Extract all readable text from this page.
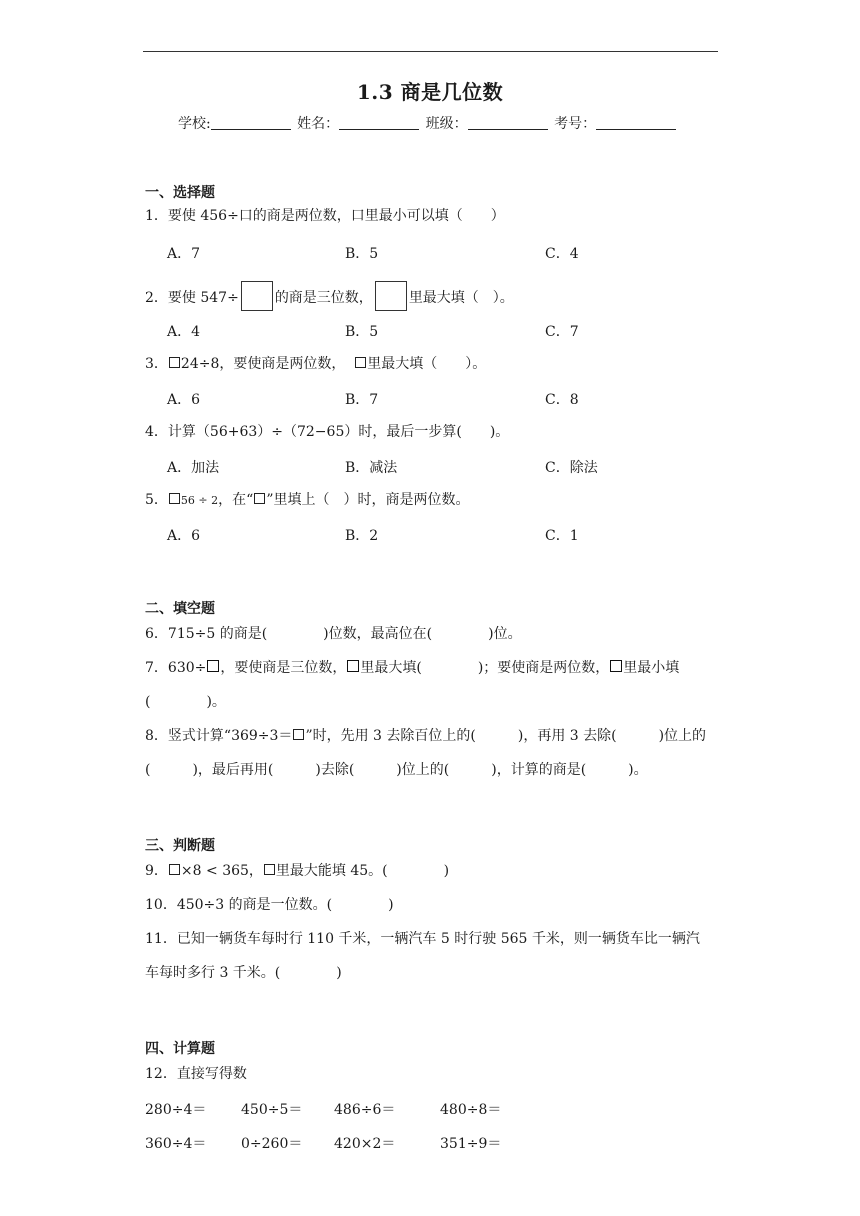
1.3 商是几位数
学校:	姓名：	班级：	考号：
一、选择题
1．要使 456÷口的商是两位数，口里最小可以填（　　）
A．7	B．5	C．4
2．要使 547÷	的商是三位数，	里最大填（　）。
A．4	B．5	C．7
3． 24÷8，要使商是两位数， 里最大填（　　）。
A．6	B．7	C．8
4．计算（56+63）÷（72−65）时，最后一步算(　　)。
A．加法	B．减法	C．除法
5． 56 ÷ 2，在“ ”里填上（　）时，商是两位数。
A．6	B．2	C．1
二、填空题
6．715÷5 的商是(　　　　)位数，最高位在(　　　　)位。
7．630÷ ，要使商是三位数， 里最大填(　　　　)；要使商是两位数， 里最小填
(　　　　)。
8．竖式计算“369÷3＝ ”时，先用 3 去除百位上的(　　　)，再用 3 去除(　　　)位上的
(　　　)，最后再用(　　　)去除(　　　)位上的(　　　)，计算的商是(　　　)。
三、判断题
9． ×8 < 365， 里最大能填 45。(　　　　)
10．450÷3 的商是一位数。(　　　　)
11．已知一辆货车每时行 110 千米，一辆汽车 5 时行驶 565 千米，则一辆货车比一辆汽
车每时多行 3 千米。(　　　　)
四、计算题
12．直接写得数
280÷4＝ 450÷5＝ 486÷6＝	480÷8＝
360÷4＝ 0÷260＝ 420×2＝	351÷9＝
